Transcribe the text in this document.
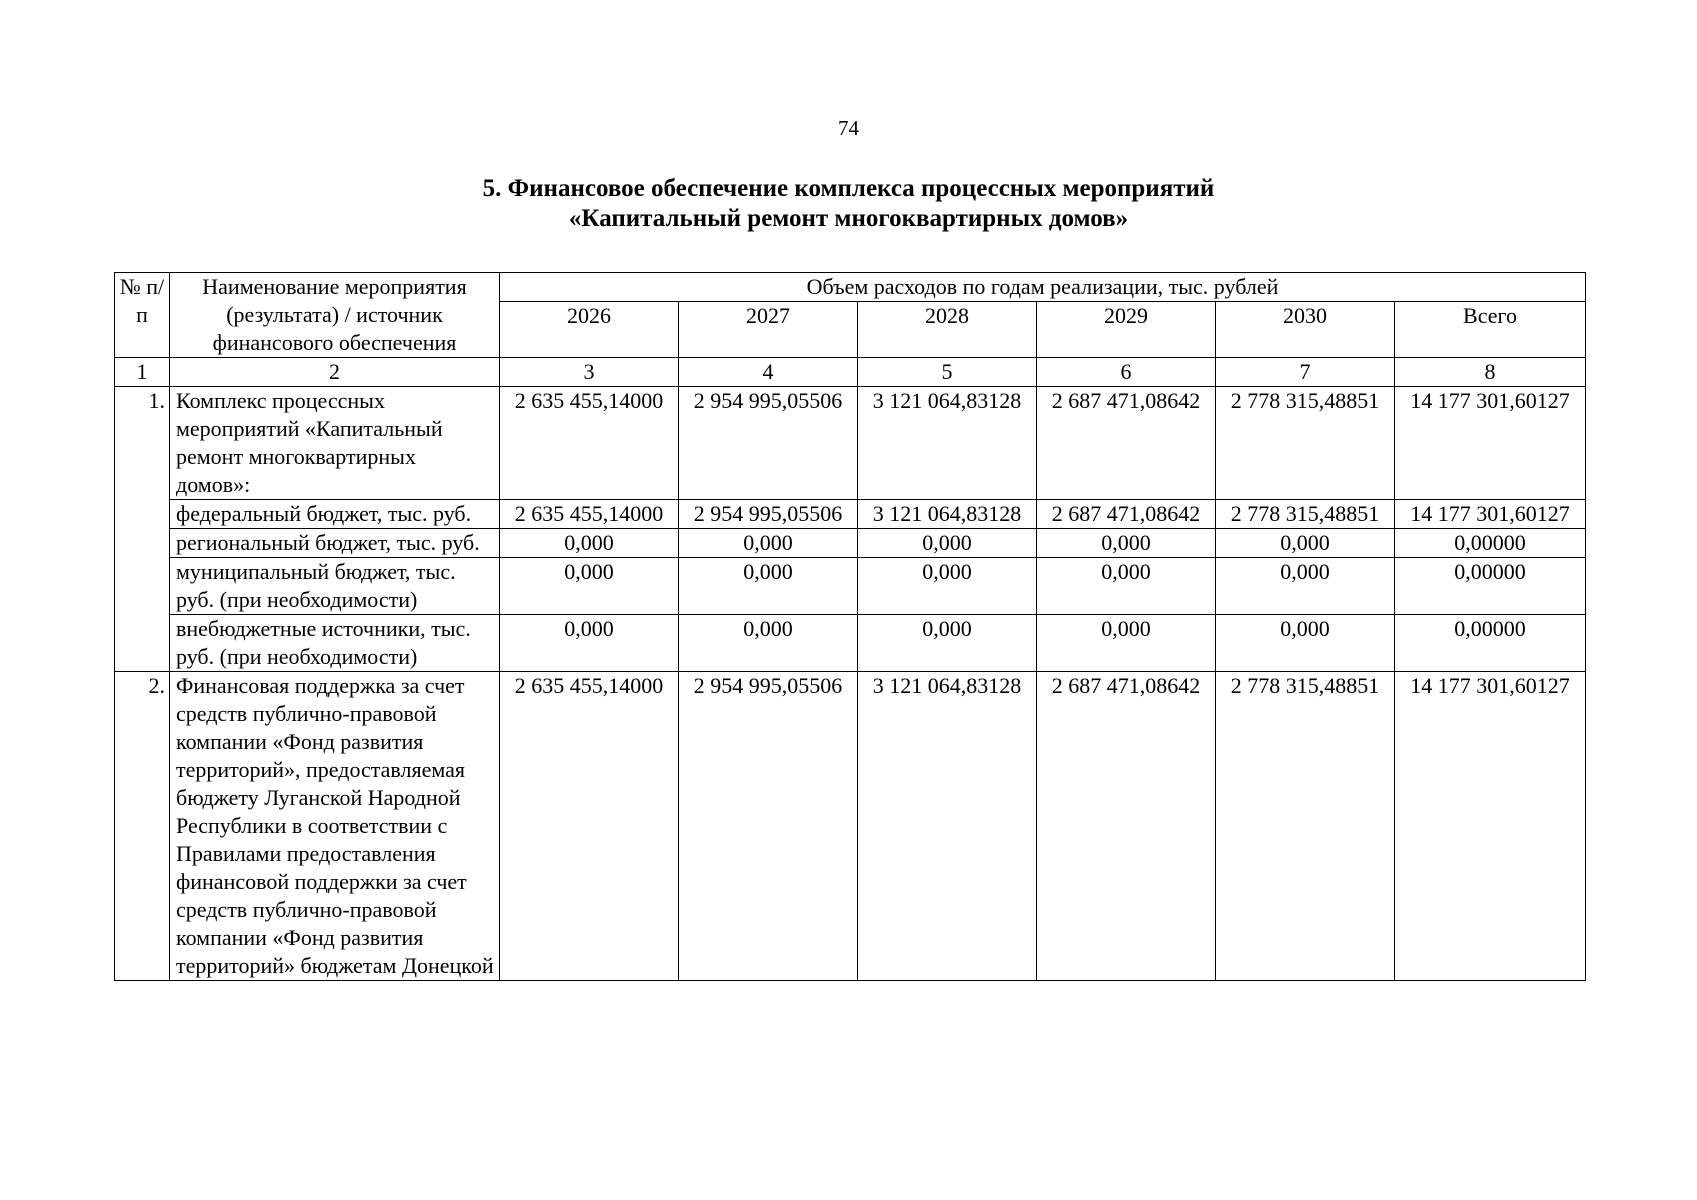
74
5. Финансовое обеспечение комплекса процессных мероприятий
«Капитальный ремонт многоквартирных домов»
№ п/п	Наименование мероприятия (результата) / источник финансового обеспечения	Объем расходов по годам реализации, тыс. рублей					
		2026	2027	2028	2029	2030	Всего
1	2	3	4	5	6	7	8
1.	Комплекс процессных мероприятий «Капитальный ремонт многоквартирных домов»:	2 635 455,14000	2 954 995,05506	3 121 064,83128	2 687 471,08642	2 778 315,48851	14 177 301,60127
	федеральный бюджет, тыс. руб.	2 635 455,14000	2 954 995,05506	3 121 064,83128	2 687 471,08642	2 778 315,48851	14 177 301,60127
	региональный бюджет, тыс. руб.	0,000	0,000	0,000	0,000	0,000	0,00000
	муниципальный бюджет, тыс. руб. (при необходимости)	0,000	0,000	0,000	0,000	0,000	0,00000
	внебюджетные источники, тыс. руб. (при необходимости)	0,000	0,000	0,000	0,000	0,000	0,00000
2.	Финансовая поддержка за счет средств публично-правовой компании «Фонд развития территорий», предоставляемая бюджету Луганской Народной Республики в соответствии с Правилами предоставления финансовой поддержки за счет средств публично-правовой компании «Фонд развития территорий» бюджетам Донецкой	2 635 455,14000	2 954 995,05506	3 121 064,83128	2 687 471,08642	2 778 315,48851	14 177 301,60127
